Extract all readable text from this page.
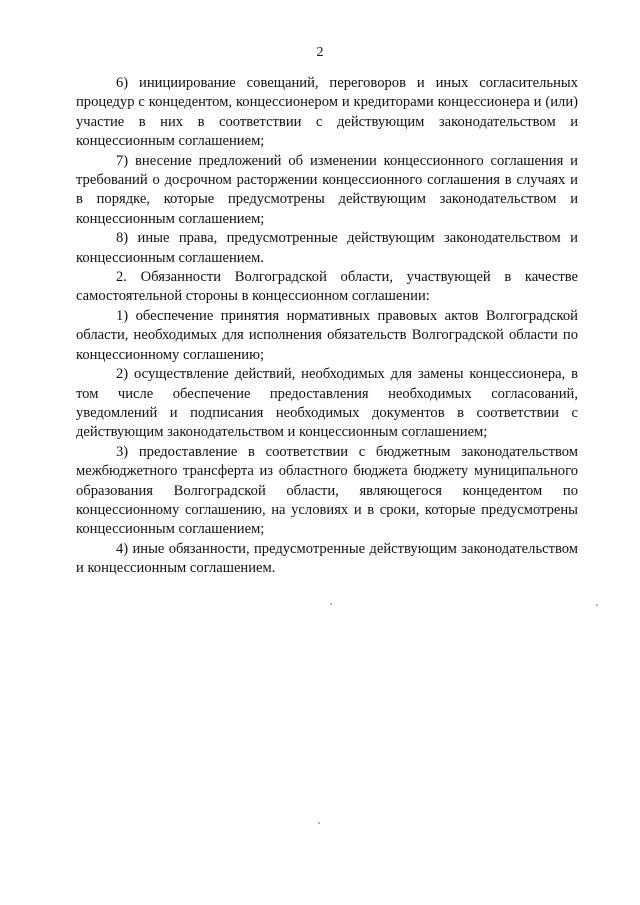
2

6) инициирование совещаний, переговоров и иных согласительных процедур с концедентом, концессионером и кредиторами концессионера и (или) участие в них в соответствии с действующим законодательством и концессионным соглашением;

7) внесение предложений об изменении концессионного соглашения и требований о досрочном расторжении концессионного соглашения в случаях и в порядке, которые предусмотрены действующим законодательством и концессионным соглашением;

8) иные права, предусмотренные действующим законодательством и концессионным соглашением.

2. Обязанности Волгоградской области, участвующей в качестве самостоятельной стороны в концессионном соглашении:

1) обеспечение принятия нормативных правовых актов Волгоградской области, необходимых для исполнения обязательств Волгоградской области по концессионному соглашению;

2) осуществление действий, необходимых для замены концессионера, в том числе обеспечение предоставления необходимых согласований, уведомлений и подписания необходимых документов в соответствии с действующим законодательством и концессионным соглашением;

3) предоставление в соответствии с бюджетным законодательством межбюджетного трансферта из областного бюджета бюджету муниципального образования Волгоградской области, являющегося концедентом по концессионному соглашению, на условиях и в сроки, которые предусмотрены концессионным соглашением;

4) иные обязанности, предусмотренные действующим законодательством и концессионным соглашением.
